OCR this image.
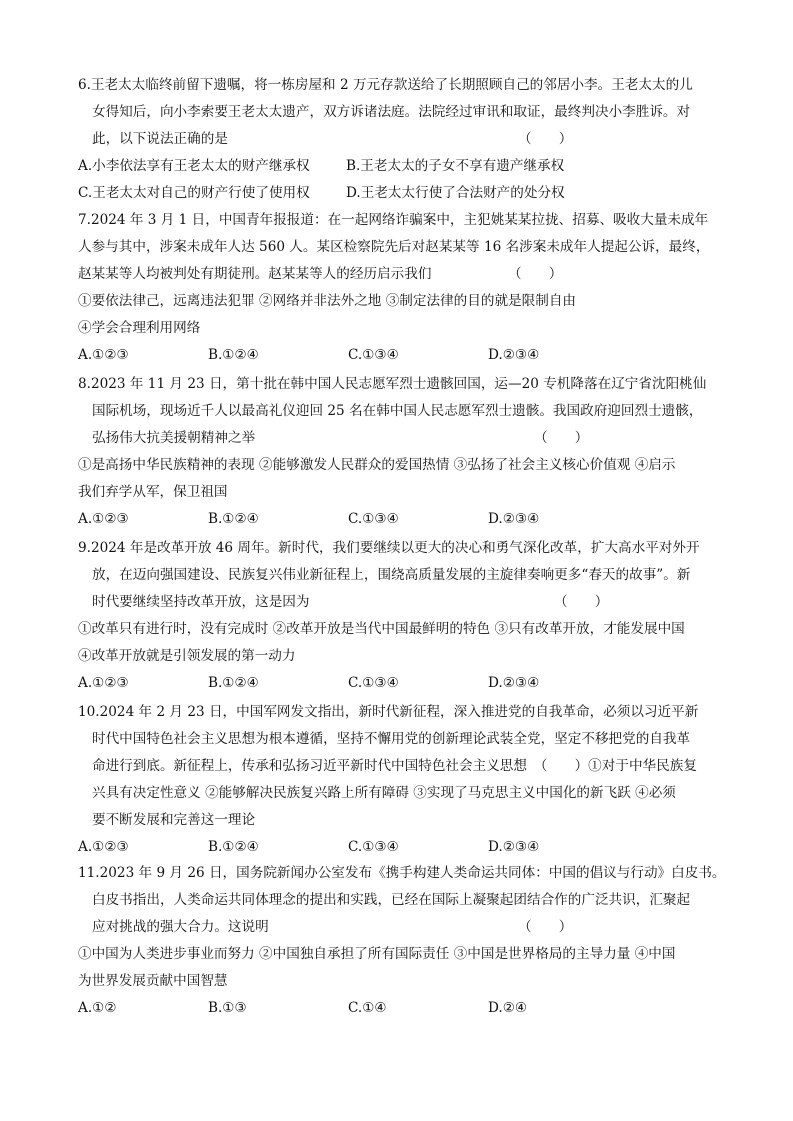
6.王老太太临终前留下遗嘱，将一栋房屋和 2 万元存款送给了长期照顾自己的邻居小李。王老太太的儿
女得知后，向小李索要王老太太遗产，双方诉诸法庭。法院经过审讯和取证，最终判决小李胜诉。对
此，以下说法正确的是	（　　）
A.小李依法享有王老太太的财产继承权	B.王老太太的子女不享有遗产继承权
C.王老太太对自己的财产行使了使用权	D.王老太太行使了合法财产的处分权
7.2024 年 3 月 1 日，中国青年报报道：在一起网络诈骗案中，主犯姚某某拉拢、招募、吸收大量未成年
人参与其中，涉案未成年人达 560 人。某区检察院先后对赵某某等 16 名涉案未成年人提起公诉，最终，
赵某某等人均被判处有期徒刑。赵某某等人的经历启示我们	（　　）
①要依法律己，远离违法犯罪 ②网络并非法外之地 ③制定法律的目的就是限制自由
④学会合理利用网络
A.①②③	B.①②④	C.①③④	D.②③④
8.2023 年 11 月 23 日，第十批在韩中国人民志愿军烈士遗骸回国，运—20 专机降落在辽宁省沈阳桃仙
国际机场，现场近千人以最高礼仪迎回 25 名在韩中国人民志愿军烈士遗骸。我国政府迎回烈士遗骸，
弘扬伟大抗美援朝精神之举	（　　）
①是高扬中华民族精神的表现 ②能够激发人民群众的爱国热情 ③弘扬了社会主义核心价值观 ④启示
我们弃学从军，保卫祖国
A.①②③	B.①②④	C.①③④	D.②③④
9.2024 年是改革开放 46 周年。新时代，我们要继续以更大的决心和勇气深化改革，扩大高水平对外开
放，在迈向强国建设、民族复兴伟业新征程上，围绕高质量发展的主旋律奏响更多“春天的故事”。新
时代要继续坚持改革开放，这是因为	（　　）
①改革只有进行时，没有完成时 ②改革开放是当代中国最鲜明的特色 ③只有改革开放，才能发展中国
④改革开放就是引领发展的第一动力
A.①②③	B.①②④	C.①③④	D.②③④
10.2024 年 2 月 23 日，中国军网发文指出，新时代新征程，深入推进党的自我革命，必须以习近平新
时代中国特色社会主义思想为根本遵循，坚持不懈用党的创新理论武装全党，坚定不移把党的自我革
命进行到底。新征程上，传承和弘扬习近平新时代中国特色社会主义思想　（　　）①对于中华民族复
兴具有决定性意义 ②能够解决民族复兴路上所有障碍 ③实现了马克思主义中国化的新飞跃 ④必须
要不断发展和完善这一理论
A.①②③	B.①②④	C.①③④	D.②③④
11.2023 年 9 月 26 日，国务院新闻办公室发布《携手构建人类命运共同体：中国的倡议与行动》白皮书。
白皮书指出，人类命运共同体理念的提出和实践，已经在国际上凝聚起团结合作的广泛共识，汇聚起
应对挑战的强大合力。这说明	（　　）
①中国为人类进步事业而努力 ②中国独自承担了所有国际责任 ③中国是世界格局的主导力量 ④中国
为世界发展贡献中国智慧
A.①②	B.①③	C.①④	D.②④
